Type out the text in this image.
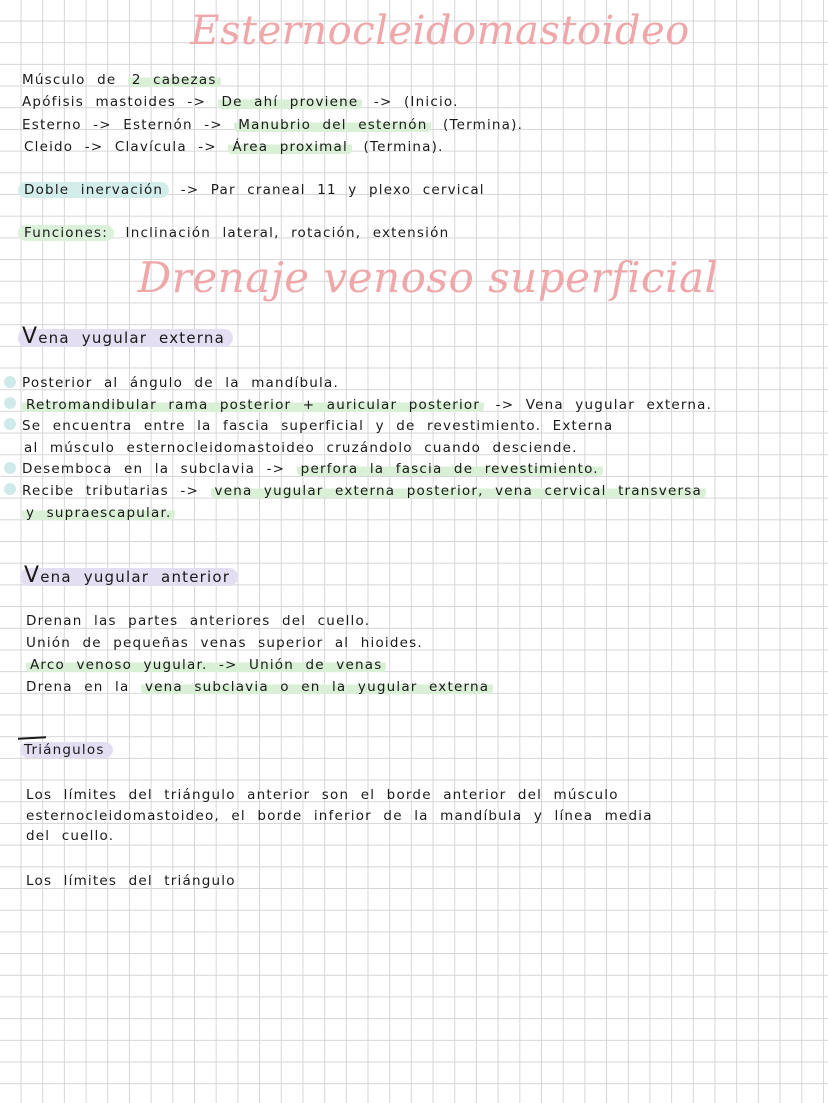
Esternocleidomastoideo
Músculo de 2 cabezas
Apófisis mastoides -> De ahí proviene -> (Inicio.
Esterno -> Esternón -> Manubrio del esternón (Termina).
Cleido -> Clavícula -> Área proximal (Termina).
Doble inervación -> Par craneal 11 y plexo cervical
Funciones: Inclinación lateral, rotación, extensión
Drenaje venoso superficial
Vena yugular externa
Posterior al ángulo de la mandíbula.
Retromandibular rama posterior + auricular posterior -> Vena yugular externa.
Se encuentra entre la fascia superficial y de revestimiento. Externa
al músculo esternocleidomastoideo cruzándolo cuando desciende.
Desemboca en la subclavia -> perfora la fascia de revestimiento.
Recibe tributarias -> vena yugular externa posterior, vena cervical transversa
y supraescapular.
Vena yugular anterior
Drenan las partes anteriores del cuello.
Unión de pequeñas venas superior al hioides.
Arco venoso yugular. -> Unión de venas
Drena en la vena subclavia o en la yugular externa
Triángulos
Los límites del triángulo anterior son el borde anterior del músculo
esternocleidomastoideo, el borde inferior de la mandíbula y línea media
del cuello.
Los límites del triángulo
